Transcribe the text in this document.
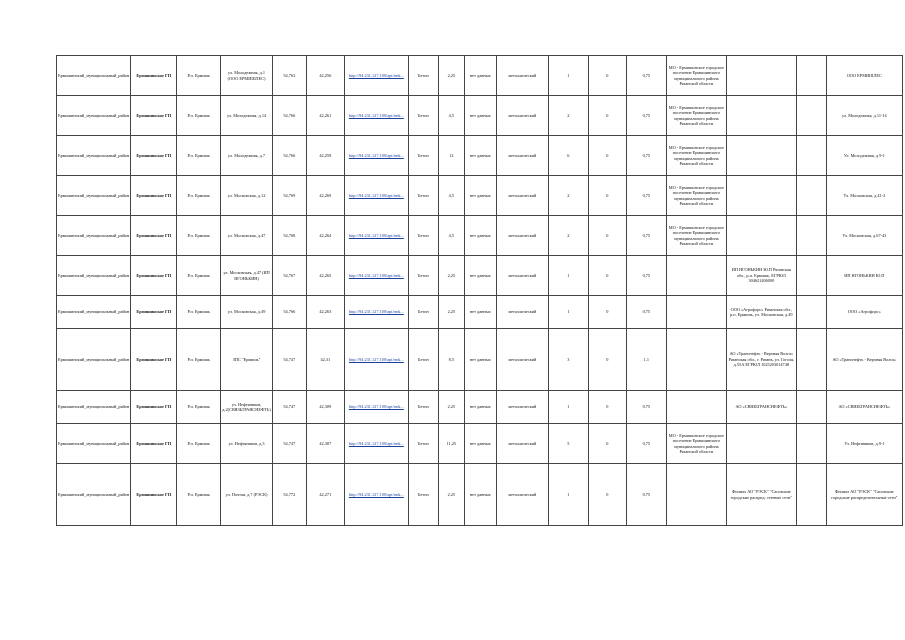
Ермишинский_муниципальный_район	Ермишинское ГП	Р.п. Ермишь	ул. Молодежная, д.1 (ООО ЕРМИШЛЕС)	54,763	42,256	http://94.231.127.100/api/rmk...	Бетон	2,25	нет данных	металлический	1	0	0,75	МО - Ермишинское городское поселение Ермишинского муниципального района Рязанской области			ООО ЕРМИШЛЕС
Ермишинский_муниципальный_район	Ермишинское ГП	Р.п. Ермишь	ул. Молодежная, д.14	54,766	42,261	http://94.231.127.100/api/rmk...	Бетон	4,5	нет данных	металлический	2	0	0,75	МО - Ермишинское городское поселение Ермишинского муниципального района Рязанской области			ул. Молодежная, д.11-14
Ермишинский_муниципальный_район	Ермишинское ГП	Р.п. Ермишь	ул. Молодежная, д.7	54,766	42,259	http://94.231.127.100/api/rmk...	Бетон	12	нет данных	металлический	6	0	0,75	МО - Ермишинское городское поселение Ермишинского муниципального района Рязанской области			Ул. Молодежная, д.9-1
Ермишинский_муниципальный_район	Ермишинское ГП	Р.п. Ермишь	ул. Московская, д.12	54,769	42,269	http://94.231.127.100/api/rmk...	Бетон	4,5	нет данных	металлический	2	0	0,75	МО - Ермишинское городское поселение Ермишинского муниципального района Рязанской области			Ул. Московская, д.41-2
Ермишинский_муниципальный_район	Ермишинское ГП	Р.п. Ермишь	ул. Московская, д.47	54,768	42,264	http://94.231.127.100/api/rmk...	Бетон	4,5	нет данных	металлический	2	0	0,75	МО - Ермишинское городское поселение Ермишинского муниципального района Рязанской области			Ул. Московская, д.67-43
Ермишинский_муниципальный_район	Ермишинское ГП	Р.п. Ермишь	ул. Московская, д.47 (ИП НГОНЬКИН)	54,767	42,265	http://94.231.127.100/api/rmk...	Бетон	2,25	нет данных	металлический	1	0	0,75		ИП НГОНЬКИН Ю.П Рязанская обл., р.п. Ермишь, ЕГРЮЛ 304621406000		ИП НГОНЬКИН Ю.П
Ермишинский_муниципальный_район	Ермишинское ГП	Р.п. Ермишь	ул. Московская, д.49	54,766	42,263	http://94.231.127.100/api/rmk...	Бетон	2,25	нет данных	металлический	1	0	0,75		ООО «Агрофорс» Рязанская обл., р.п. Ермишь, ул. Московская, д.49		ООО «Агрофорс»
Ермишинский_муниципальный_район	Ермишинское ГП	Р.п. Ермишь	ЗПС "Ермишь"	54,747	42,31	http://94.231.127.100/api/rmk...	Бетон	8,5	нет данных	металлический	3	0	1,1		АО «Транснефть - Верхняя Волга» Рязанская обл., г. Рязань, ул. Гоголя, д.55А ЕГРЮЛ 1025203014748		АО «Транснефть - Верхняя Волга»
Ермишинский_муниципальный_район	Ермишинское ГП	Р.п. Ермишь	ул. Нефтяников, д.2(СВЯЗЬТРАНСНЕФТЬ)	54,747	42,309	http://94.231.127.100/api/rmk...	Бетон	2,25	нет данных	металлический	1	0	0,75		АО «СВЯЗЬТРАНСНЕФТЬ»		АО «СВЯЗЬТРАНСНЕФТЬ»
Ермишинский_муниципальный_район	Ермишинское ГП	Р.п. Ермишь	ул. Нефтяников, д.3	54,747	42,307	http://94.231.127.100/api/rmk...	Бетон	11,25	нет данных	металлический	5	0	0,75	МО - Ермишинское городское поселение Ермишинского муниципального района Рязанской области			Ул. Нефтяников, д.9-1
Ермишинский_муниципальный_район	Ермишинское ГП	Р.п. Ермишь	ул. Почтая, д.7 (РЭСК)	54,772	42,271	http://94.231.127.100/api/rmk...	Бетон	2,25	нет данных	металлический	1	0	0,75		Филиал АО "РЭСК" "Сасовские городские распред. сетевые сети"		Филиал АО "РЭСК" "Сасовские городские распределительные сети"
